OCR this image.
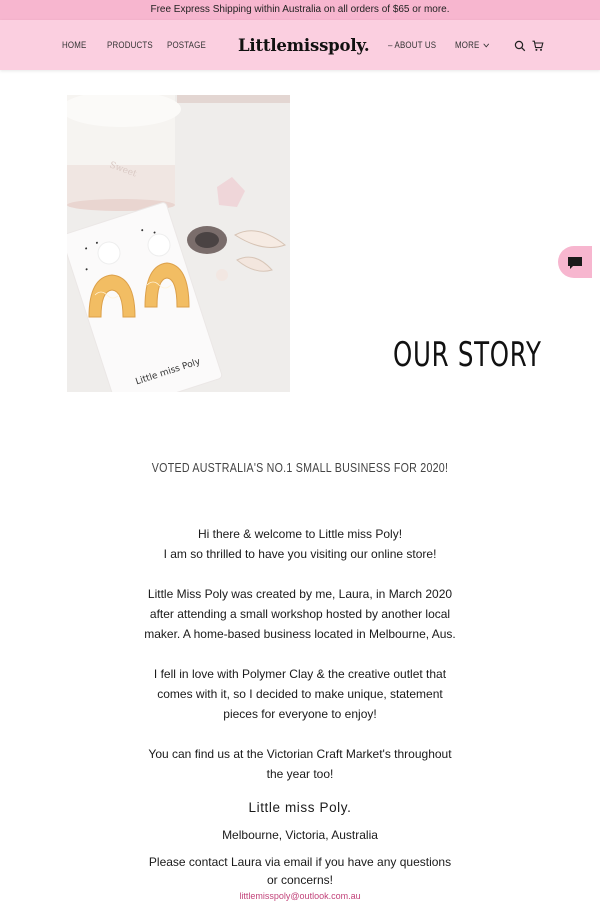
Free Express Shipping within Australia on all orders of $65 or more.
HOME PRODUCTS POSTAGE Littlemisspoly. – ABOUT US MORE
Sweet
Little miss Poly	OUR STORY

VOTED AUSTRALIA'S NO.1 SMALL BUSINESS FOR 2020!

Hi there & welcome to Little miss Poly!
I am so thrilled to have you visiting our online store!

Little Miss Poly was created by me, Laura, in March 2020 after attending a small workshop hosted by another local maker. A home-based business located in Melbourne, Aus.

I fell in love with Polymer Clay & the creative outlet that comes with it, so I decided to make unique, statement pieces for everyone to enjoy!

You can find us at the Victorian Craft Market's throughout the year too!

Little miss Poly.

Melbourne, Victoria, Australia

Please contact Laura via email if you have any questions or concerns!

littlemisspoly@outlook.com.au
